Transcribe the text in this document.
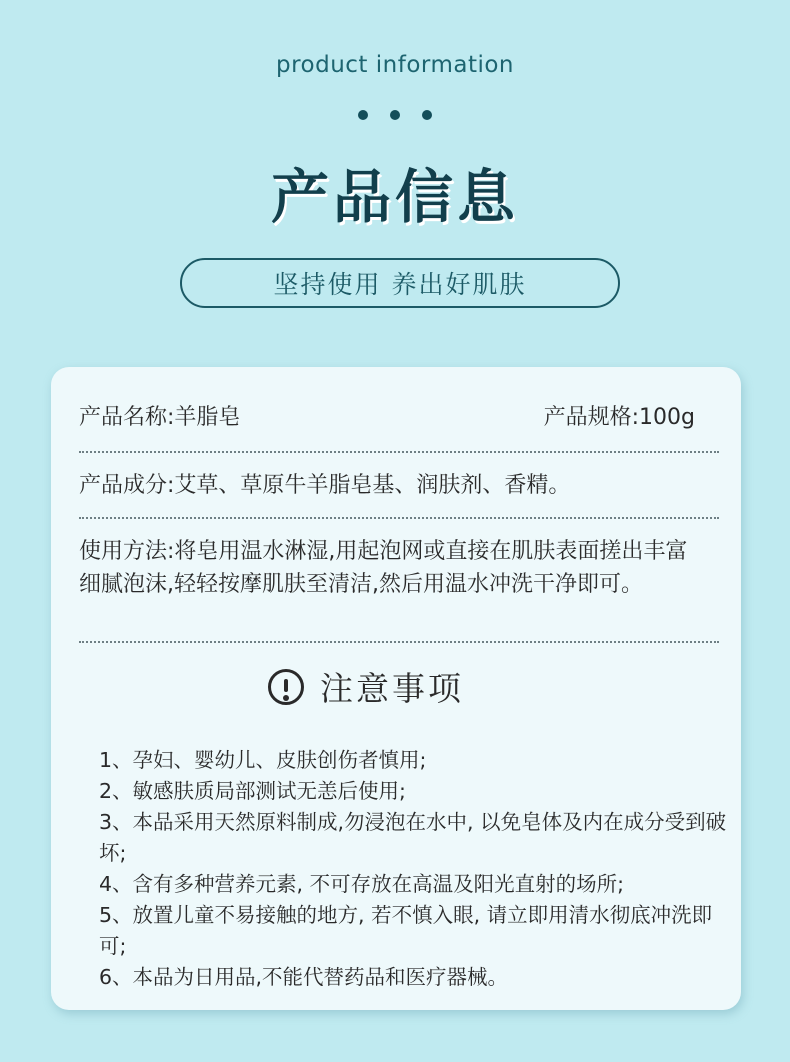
product information
产品信息
坚持使用 养出好肌肤
产品名称:羊脂皂	产品规格:100g
产品成分:艾草、草原牛羊脂皂基、润肤剂、香精。
使用方法:将皂用温水淋湿,用起泡网或直接在肌肤表面搓出丰富细腻泡沫,轻轻按摩肌肤至清洁,然后用温水冲洗干净即可。
注意事项

1、孕妇、婴幼儿、皮肤创伤者慎用;

2、敏感肤质局部测试无恙后使用;

3、本品采用天然原料制成,勿浸泡在水中, 以免皂体及内在成分受到破坏;

4、含有多种营养元素, 不可存放在高温及阳光直射的场所;

5、放置儿童不易接触的地方, 若不慎入眼, 请立即用清水彻底冲洗即可;

6、本品为日用品,不能代替药品和医疗器械。
